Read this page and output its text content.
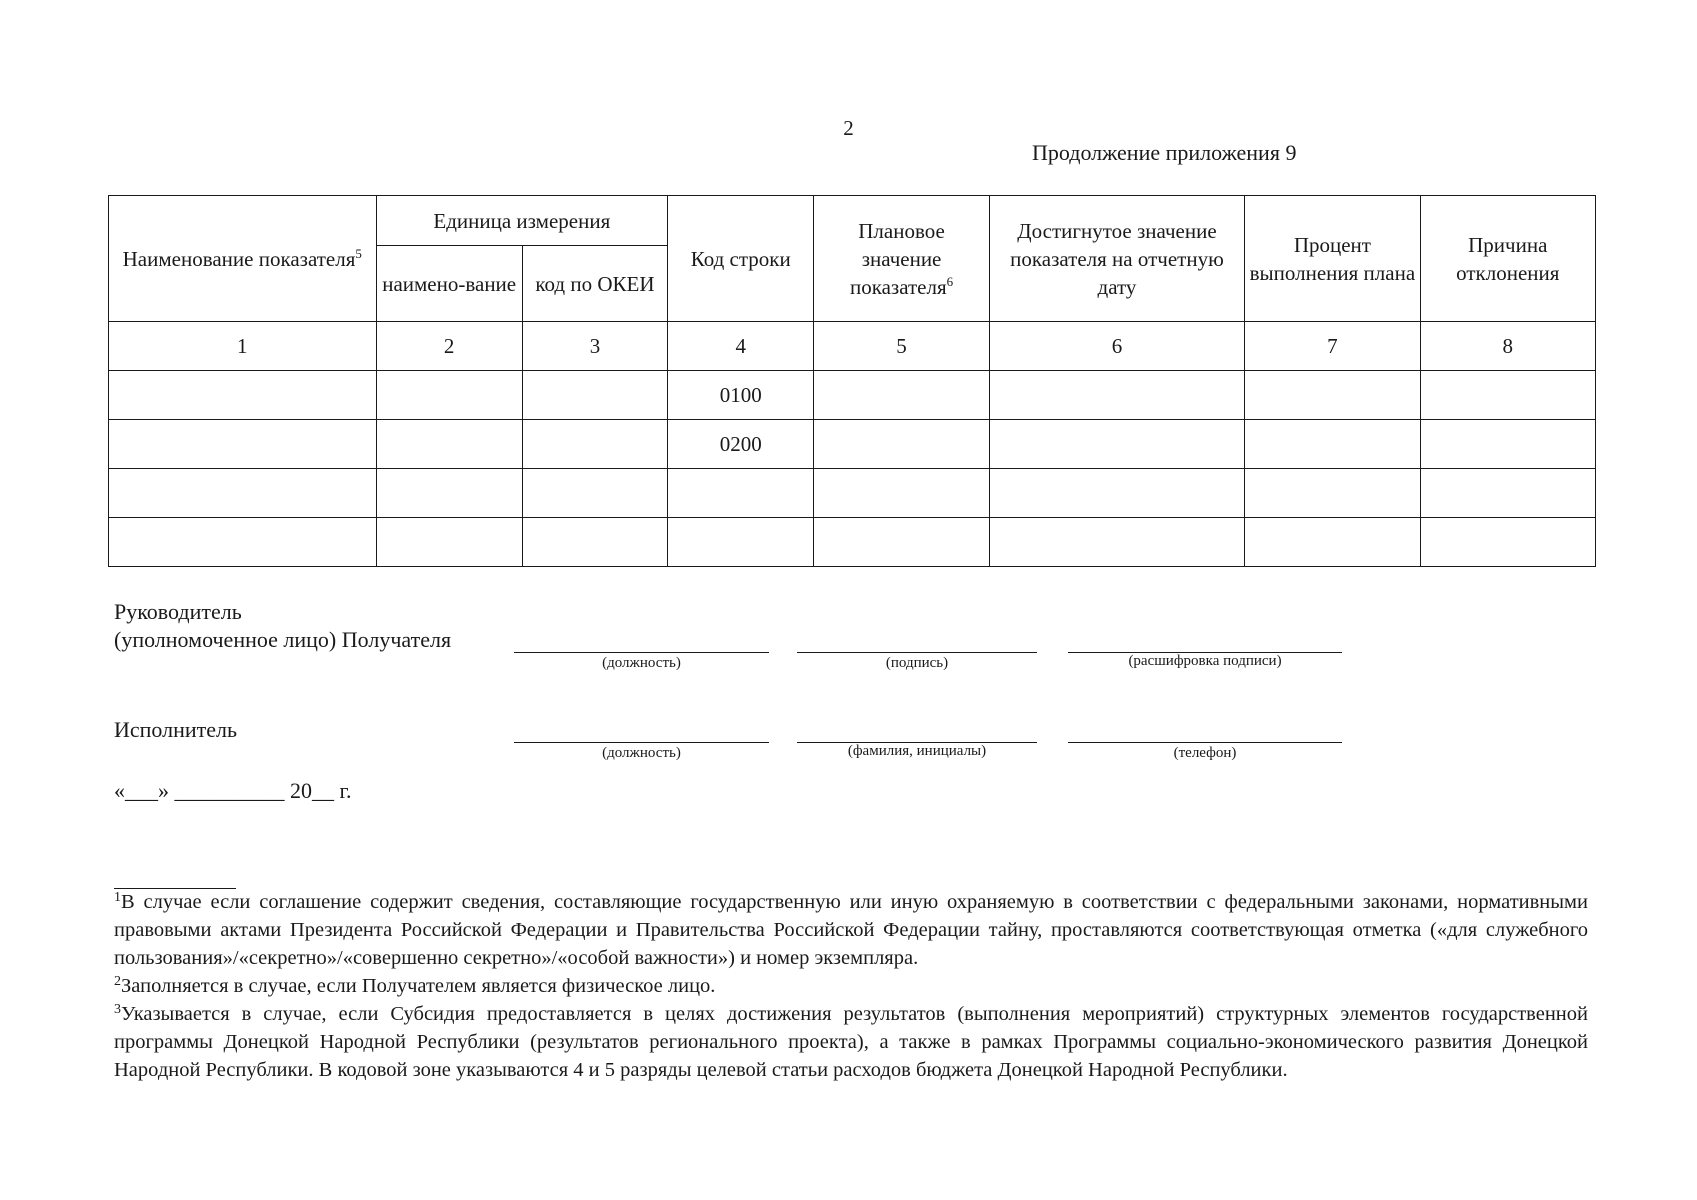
2
Продолжение приложения 9
Наименование показателя$^5$	Единица измерения		Код строки	Плановое значение показателя$^6$	Достигнутое значение показателя на отчетную дату	Процент выполнения плана	Причина отклонения
	наимено-вание	код по ОКЕИ					
1	2	3	4	5	6	7	8
			0100				
			0200				

Руководитель
(уполномоченное лицо) Получателя
(должность)	(подпись)	(расшифровка подписи)
Исполнитель
(должность)	(фамилия, инициалы)	(телефон)
«___» __________ 20__ г.

$^1$В случае если соглашение содержит сведения, составляющие государственную или иную охраняемую в соответствии с федеральными законами, нормативными правовыми актами Президента Российской Федерации и Правительства Российской Федерации тайну, проставляются соответствующая отметка («для служебного пользования»/«секретно»/«совершенно секретно»/«особой важности») и номер экземпляра.

$^2$Заполняется в случае, если Получателем является физическое лицо.

$^3$Указывается в случае, если Субсидия предоставляется в целях достижения результатов (выполнения мероприятий) структурных элементов государственной программы Донецкой Народной Республики (результатов регионального проекта), а также в рамках Программы социально-экономического развития Донецкой Народной Республики. В кодовой зоне указываются 4 и 5 разряды целевой статьи расходов бюджета Донецкой Народной Республики.
